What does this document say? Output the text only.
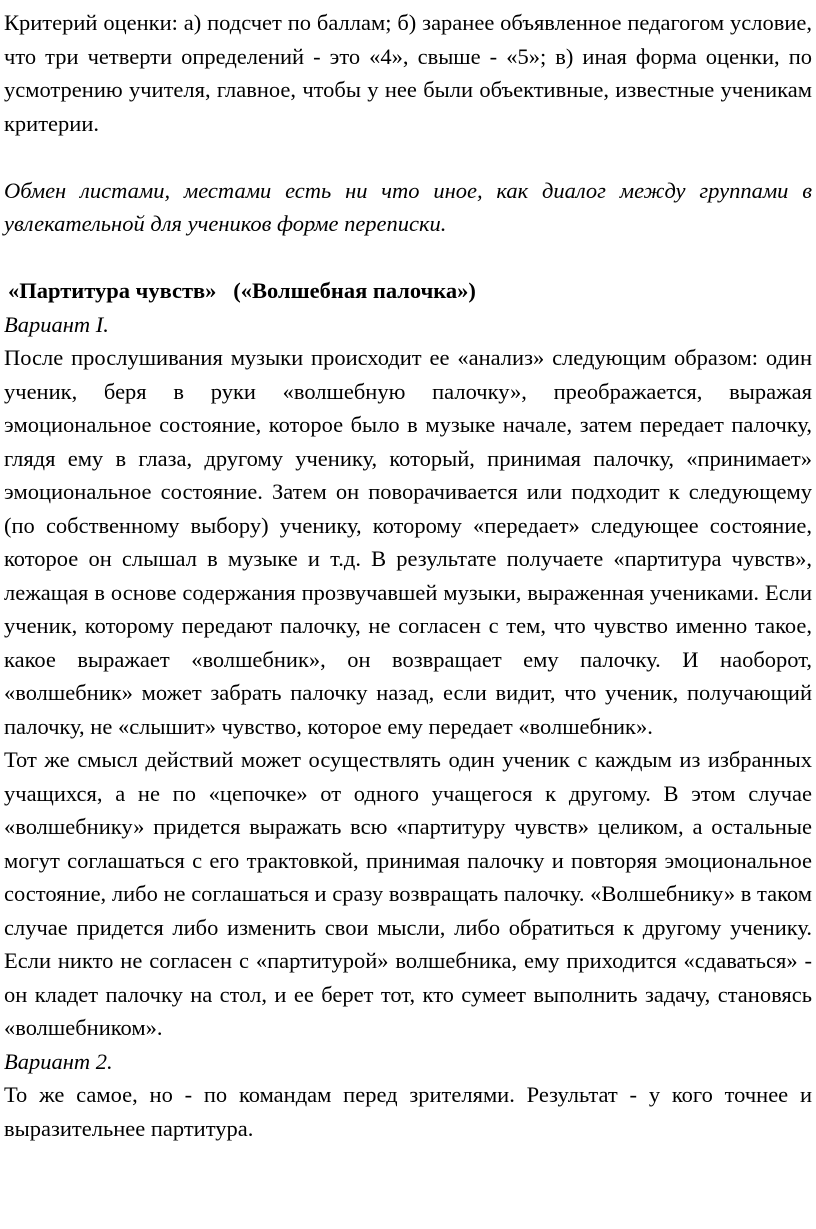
Критерий оценки: а) подсчет по баллам; б) заранее объявленное педагогом условие, что три четверти определений - это «4», свыше - «5»; в) иная форма оценки, по усмотрению учителя, главное, чтобы у нее были объективные, известные ученикам критерии.

Обмен листами, местами есть ни что иное, как диалог между группами в увлекательной для учеников форме переписки.

«Партитура чувств»   («Волшебная палочка»)

Вариант I.

После прослушивания музыки происходит ее «анализ» следующим образом: один ученик, беря в руки «волшебную палочку», преображается, выражая эмоциональное состояние, которое было в музыке начале, затем передает палочку, глядя ему в глаза, другому ученику, который, принимая палочку, «принимает» эмоциональное состояние. Затем он поворачивается или подходит к следующему (по собственному выбору) ученику, которому «передает» следующее состояние, которое он слышал в музыке и т.д. В результате получаете «партитура чувств», лежащая в основе содержания прозвучавшей музыки, выраженная учениками. Если ученик, которому передают палочку, не согласен с тем, что чувство именно такое, какое выражает «волшебник», он возвращает ему палочку. И наоборот, «волшебник» может забрать палочку назад, если видит, что ученик, получающий палочку, не «слышит» чувство, которое ему передает «волшебник».

Тот же смысл действий может осуществлять один ученик с каждым из избранных учащихся, а не по «цепочке» от одного учащегося к другому. В этом случае «волшебнику» придется выражать всю «партитуру чувств» целиком, а остальные могут соглашаться с его трактовкой, принимая палочку и повторяя эмоциональное состояние, либо не соглашаться и сразу возвращать палочку. «Волшебнику» в таком случае придется либо изменить свои мысли, либо обратиться к другому ученику. Если никто не согласен с «партитурой» волшебника, ему приходится «сдаваться» - он кладет палочку на стол, и ее берет тот, кто сумеет выполнить задачу, становясь «волшебником».

Вариант 2.

То же самое, но - по командам перед зрителями. Результат - у кого точнее и выразительнее партитура.
